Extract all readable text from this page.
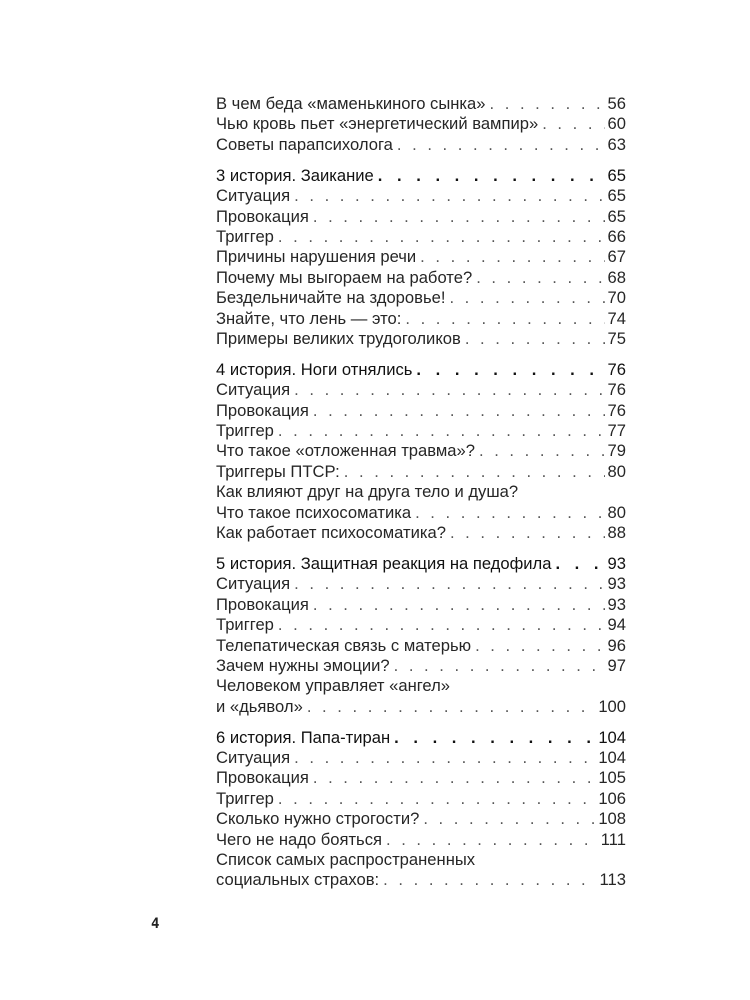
В чем беда «маменькиного сынка» . . .	56
Чью кровь пьет «энергетический вампир» . . .	60
Советы парапсихолога . . .	63
3 история. Заикание . . .	65
Ситуация . . .	65
Провокация . . .	65
Триггер . . .	66
Причины нарушения речи . . .	67
Почему мы выгораем на работе? . . .	68
Бездельничайте на здоровье! . . .	70
Знайте, что лень — это: . . .	74
Примеры великих трудоголиков . . .	75
4 история. Ноги отнялись . . .	76
Ситуация . . .	76
Провокация . . .	76
Триггер . . .	77
Что такое «отложенная травма»? . . .	79
Триггеры ПТСР: . . .	80
Как влияют друг на друга тело и душа?
Что такое психосоматика . . .	80
Как работает психосоматика? . . .	88
5 история. Защитная реакция на педофила . . .	93
Ситуация . . .	93
Провокация . . .	93
Триггер . . .	94
Телепатическая связь с матерью . . .	96
Зачем нужны эмоции? . . .	97
Человеком управляет «ангел»
и «дьявол» . . .	100
6 история. Папа-тиран . . .	104
Ситуация . . .	104
Провокация . . .	105
Триггер . . .	106
Сколько нужно строгости? . . .	108
Чего не надо бояться . . .	111
Список самых распространенных
социальных страхов: . . .	113
4
